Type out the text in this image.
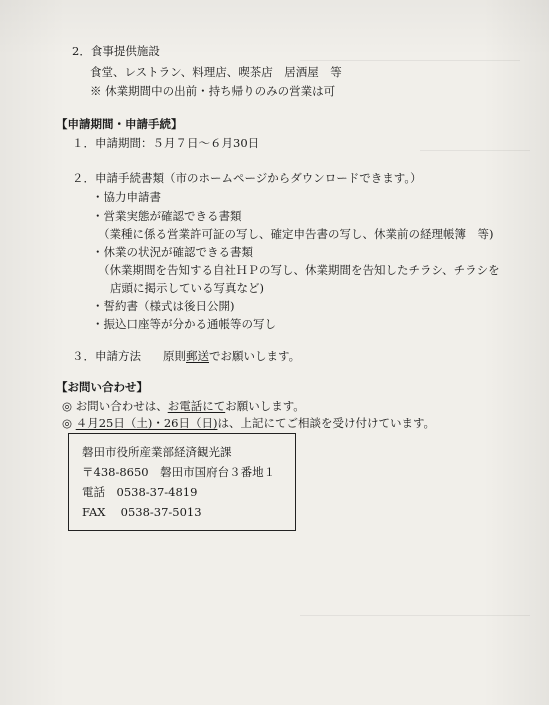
2．食事提供施設
食堂、レストラン、料理店、喫茶店　居酒屋　等
※ 休業期間中の出前・持ち帰りのみの営業は可
【申請期間・申請手続】
１．申請期間：５月７日～６月30日
２．申請手続書類（市のホームページからダウンロードできます。）
・協力申請書
・営業実態が確認できる書類
（業種に係る営業許可証の写し、確定申告書の写し、休業前の経理帳簿　等)
・休業の状況が確認できる書類
（休業期間を告知する自社ＨＰの写し、休業期間を告知したチラシ、チラシを
店頭に掲示している写真など)
・誓約書（様式は後日公開)
・振込口座等が分かる通帳等の写し
３．申請方法 原則郵送でお願いします。
【お問い合わせ】
◎ お問い合わせは、お電話にてお願いします。
◎ ４月25日（土)・26日（日)は、上記にてご相談を受け付けています。
磐田市役所産業部経済観光課
〒438-8650　磐田市国府台３番地１
電話　0538-37-4819
FAX　 0538-37-5013
